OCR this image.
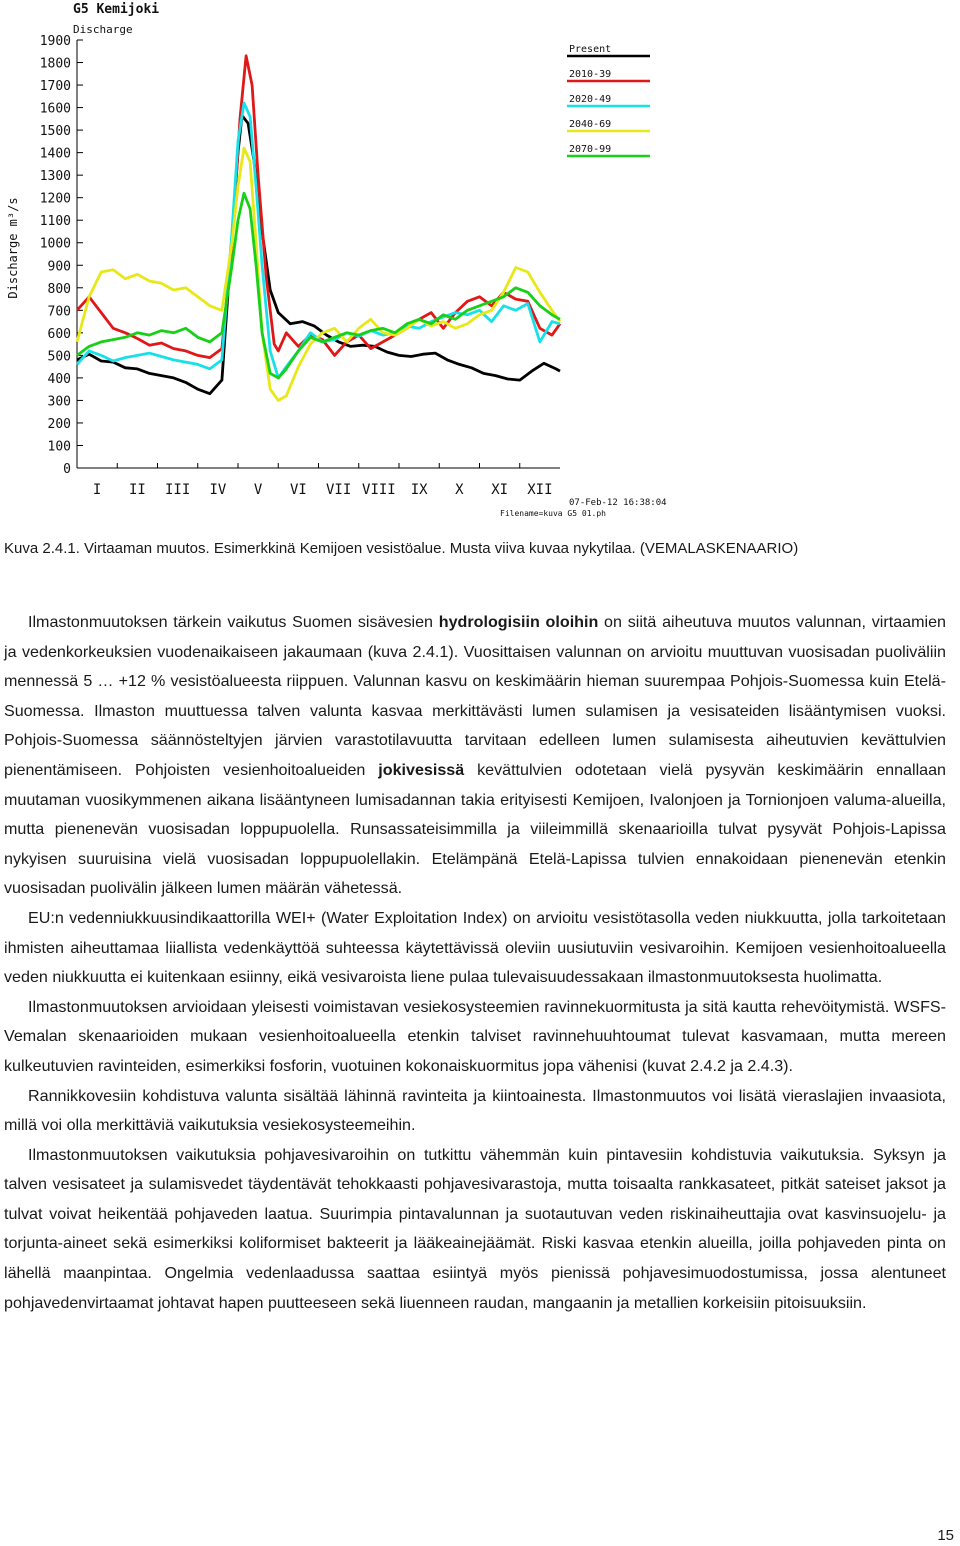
G5 Kemijoki
Discharge
0
100
200
300
400
500
600
700
800
900
1000
1100
1200
1300
1400
1500
1600
1700
1800
1900
Discharge m³/s
I II III IV V VI VII VIII IX X XI XII
Present
2010-39
2020-49
2040-69
2070-99
07-Feb-12 16:38:04
Filename=kuva G5 01.ph
Kuva 2.4.1. Virtaaman muutos. Esimerkkinä Kemijoen vesistöalue. Musta viiva kuvaa nykytilaa. (VEMALASKENAARIO)

Ilmastonmuutoksen tärkein vaikutus Suomen sisävesien hydrologisiin oloihin on siitä aiheutuva muutos valunnan, virtaamien ja vedenkorkeuksien vuodenaikaiseen jakaumaan (kuva 2.4.1). Vuosittaisen valunnan on arvioitu muuttuvan vuosisadan puoliväliin mennessä 5 … +12 % vesistöalueesta riippuen. Valunnan kasvu on keskimäärin hieman suurempaa Pohjois-Suomessa kuin Etelä-Suomessa. Ilmaston muuttuessa talven valunta kasvaa merkittävästi lumen sulamisen ja vesisateiden lisääntymisen vuoksi. Pohjois-Suomessa säännösteltyjen järvien varastotilavuutta tarvitaan edelleen lumen sulamisesta aiheutuvien kevättulvien pienentämiseen. Pohjoisten vesienhoitoalueiden jokivesissä kevättulvien odotetaan vielä pysyvän keskimäärin ennallaan muutaman vuosikymmenen aikana lisääntyneen lumisadannan takia erityisesti Kemijoen, Ivalonjoen ja Tornionjoen valuma-alueilla, mutta pienenevän vuosisadan loppupuolella. Runsassateisimmilla ja viileimmillä skenaarioilla tulvat pysyvät Pohjois-Lapissa nykyisen suuruisina vielä vuosisadan loppupuolellakin. Etelämpänä Etelä-Lapissa tulvien ennakoidaan pienenevän etenkin vuosisadan puolivälin jälkeen lumen määrän vähetessä.

EU:n vedenniukkuusindikaattorilla WEI+ (Water Exploitation Index) on arvioitu vesistötasolla veden niukkuutta, jolla tarkoitetaan ihmisten aiheuttamaa liiallista vedenkäyttöä suhteessa käytettävissä oleviin uusiutuviin vesivaroihin. Kemijoen vesienhoitoalueella veden niukkuutta ei kuitenkaan esiinny, eikä vesivaroista liene pulaa tulevaisuudessakaan ilmastonmuutoksesta huolimatta.

Ilmastonmuutoksen arvioidaan yleisesti voimistavan vesiekosysteemien ravinnekuormitusta ja sitä kautta rehevöitymistä. WSFS-Vemalan skenaarioiden mukaan vesienhoitoalueella etenkin talviset ravinnehuuhtoumat tulevat kasvamaan, mutta mereen kulkeutuvien ravinteiden, esimerkiksi fosforin, vuotuinen kokonaiskuormitus jopa vähenisi (kuvat 2.4.2 ja 2.4.3).

Rannikkovesiin kohdistuva valunta sisältää lähinnä ravinteita ja kiintoainesta. Ilmastonmuutos voi lisätä vieraslajien invaasiota, millä voi olla merkittäviä vaikutuksia vesiekosysteemeihin.

Ilmastonmuutoksen vaikutuksia pohjavesivaroihin on tutkittu vähemmän kuin pintavesiin kohdistuvia vaikutuksia. Syksyn ja talven vesisateet ja sulamisvedet täydentävät tehokkaasti pohjavesivarastoja, mutta toisaalta rankkasateet, pitkät sateiset jaksot ja tulvat voivat heikentää pohjaveden laatua. Suurimpia pintavalunnan ja suotautuvan veden riskinaiheuttajia ovat kasvinsuojelu- ja torjunta-aineet sekä esimerkiksi koliformiset bakteerit ja lääkeainejäämät. Riski kasvaa etenkin alueilla, joilla pohjaveden pinta on lähellä maanpintaa. Ongelmia vedenlaadussa saattaa esiintyä myös pienissä pohjavesimuodostumissa, jossa alentuneet pohjavedenvirtaamat johtavat hapen puutteeseen sekä liuenneen raudan, mangaanin ja metallien korkeisiin pitoisuuksiin.

15
